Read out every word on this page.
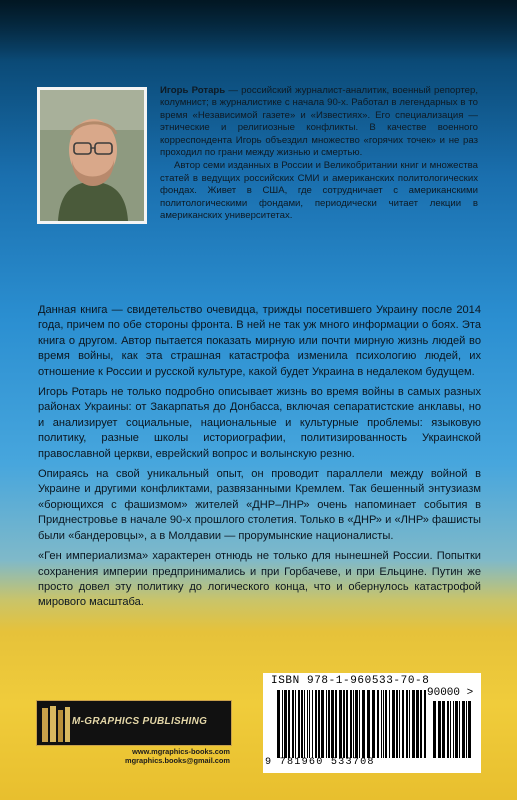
Игорь Ротарь — российский журналист-аналитик, военный репортер, колумнист; в журналистике с начала 90-х. Работал в легендарных в то время «Независимой газете» и «Известиях». Его специализация — этнические и религиозные конфликты. В качестве военного корреспондента Игорь объездил множество «горячих точек» и не раз проходил по грани между жизнью и смертью.

Автор семи изданных в России и Великобритании книг и множества статей в ведущих российских СМИ и американских политологических фондах. Живет в США, где сотрудничает с американскими политологическими фондами, периодически читает лекции в американских университетах.

Данная книга — свидетельство очевидца, трижды посетившего Украину после 2014 года, причем по обе стороны фронта. В ней не так уж много информации о боях. Эта книга о другом. Автор пытается показать мирную или почти мирную жизнь людей во время войны, как эта страшная катастрофа изменила психологию людей, их отношение к России и русской культуре, какой будет Украина в недалеком будущем.

Игорь Ротарь не только подробно описывает жизнь во время войны в самых разных районах Украины: от Закарпатья до Донбасса, включая сепаратистские анклавы, но и анализирует социальные, национальные и культурные проблемы: языковую политику, разные школы историографии, политизированность Украинской православной церкви, еврейский вопрос и волынскую резню.

Опираясь на свой уникальный опыт, он проводит параллели между войной в Украине и другими конфликтами, развязанными Кремлем. Так бешенный энтузиазм «борющихся с фашизмом» жителей «ДНР–ЛНР» очень напоминает события в Приднестровье в начале 90-х прошлого столетия. Только в «ДНР» и «ЛНР» фашисты были «бандеровцы», а в Молдавии — прорумынские националисты.

«Ген империализма» характерен отнюдь не только для нынешней России. Попытки сохранения империи предпринимались и при Горбачеве, и при Ельцине. Путин же просто довел эту политику до логического конца, что и обернулось катастрофой мирового масштаба.

M-GRAPHICS PUBLISHING
www.mgraphics-books.com
mgraphics.books@gmail.com
ISBN 978-1-960533-70-8
90000 >
9 781960 533708
